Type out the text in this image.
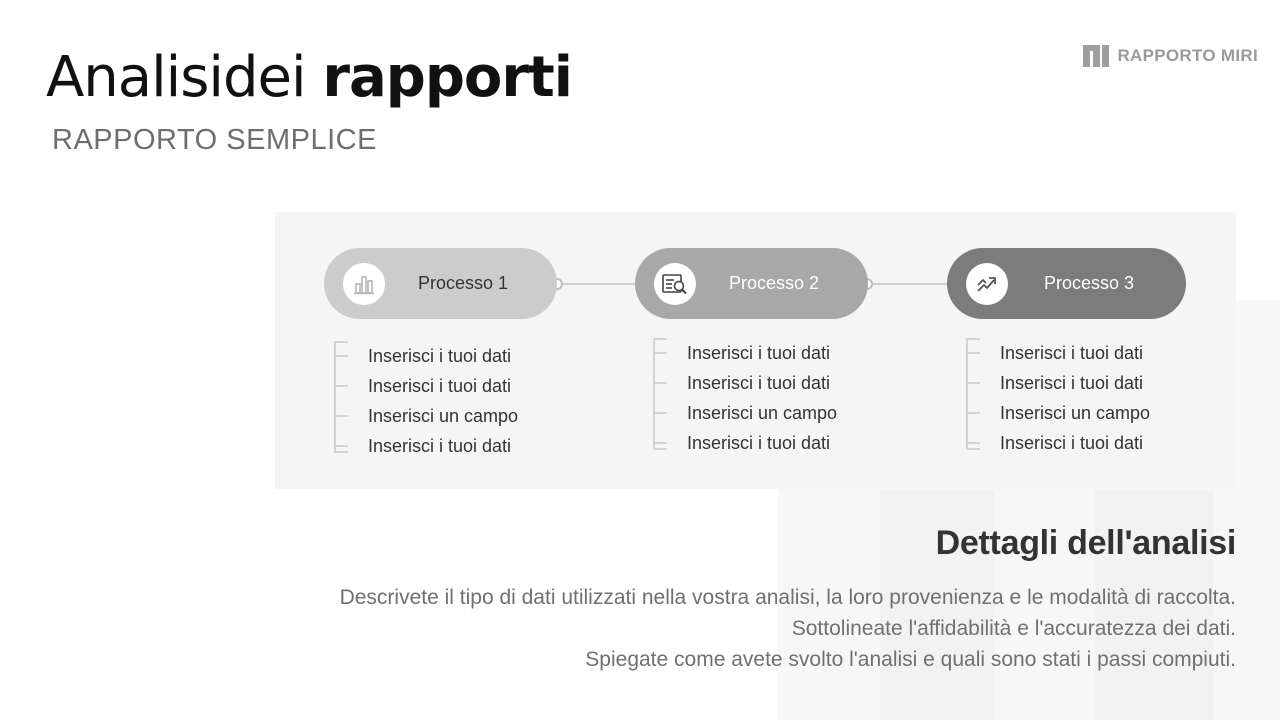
Analisidei rapporti
RAPPORTO SEMPLICE
RAPPORTO MIRI
Processo 1	Processo 2	Processo 3
Inserisci i tuoi dati
Inserisci i tuoi dati
Inserisci un campo
Inserisci i tuoi dati
Inserisci i tuoi dati
Inserisci i tuoi dati
Inserisci un campo
Inserisci i tuoi dati
Inserisci i tuoi dati
Inserisci i tuoi dati
Inserisci un campo
Inserisci i tuoi dati
Dettagli dell'analisi
Descrivete il tipo di dati utilizzati nella vostra analisi, la loro provenienza e le modalità di raccolta.
Sottolineate l'affidabilità e l'accuratezza dei dati.
Spiegate come avete svolto l'analisi e quali sono stati i passi compiuti.
